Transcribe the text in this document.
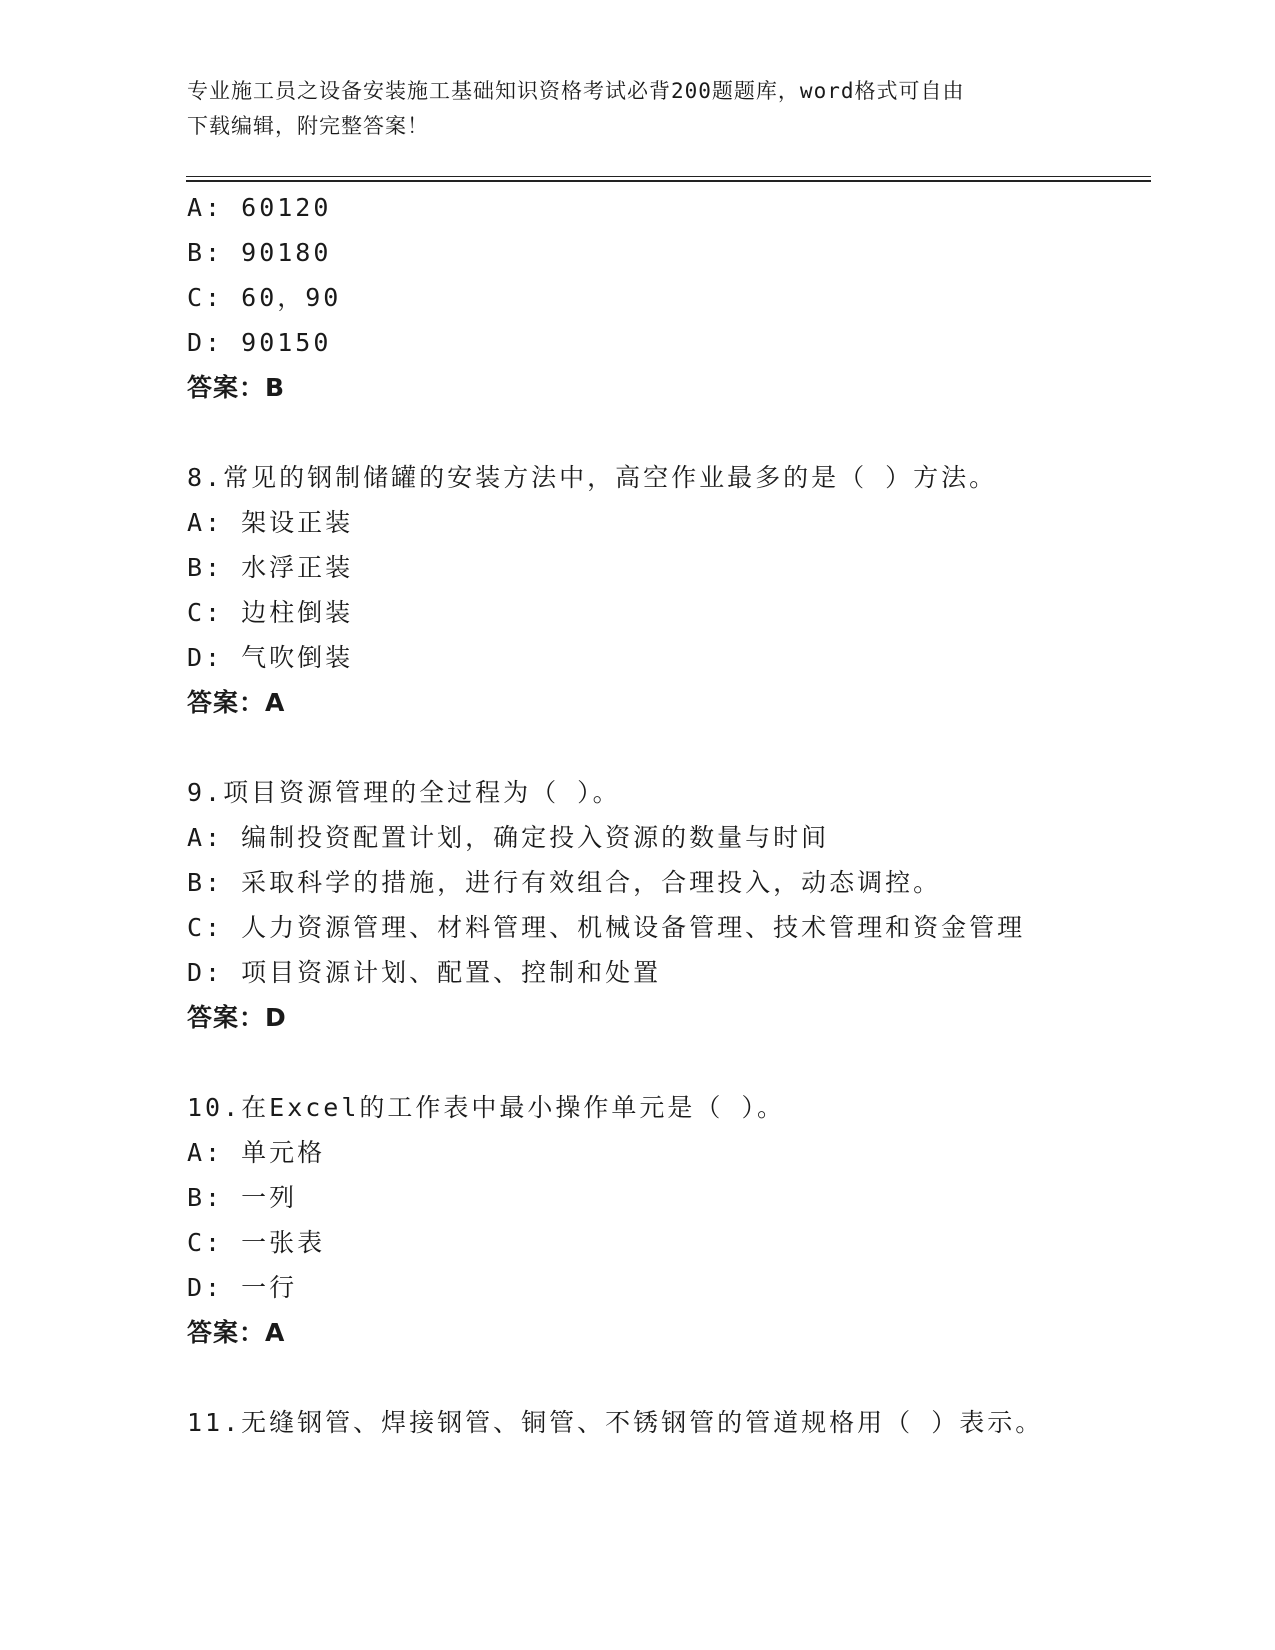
专业施工员之设备安装施工基础知识资格考试必背200题题库，word格式可自由
下载编辑，附完整答案！
A: 60120
B: 90180
C: 60，90
D: 90150
答案：B
8.常见的钢制储罐的安装方法中，高空作业最多的是（ ）方法。
A: 架设正装
B: 水浮正装
C: 边柱倒装
D: 气吹倒装
答案：A
9.项目资源管理的全过程为（ ）。
A: 编制投资配置计划，确定投入资源的数量与时间
B: 采取科学的措施，进行有效组合，合理投入，动态调控。
C: 人力资源管理、材料管理、机械设备管理、技术管理和资金管理
D: 项目资源计划、配置、控制和处置
答案：D
10.在Excel的工作表中最小操作单元是（ ）。
A: 单元格
B: 一列
C: 一张表
D: 一行
答案：A
11.无缝钢管、焊接钢管、铜管、不锈钢管的管道规格用（ ）表示。
